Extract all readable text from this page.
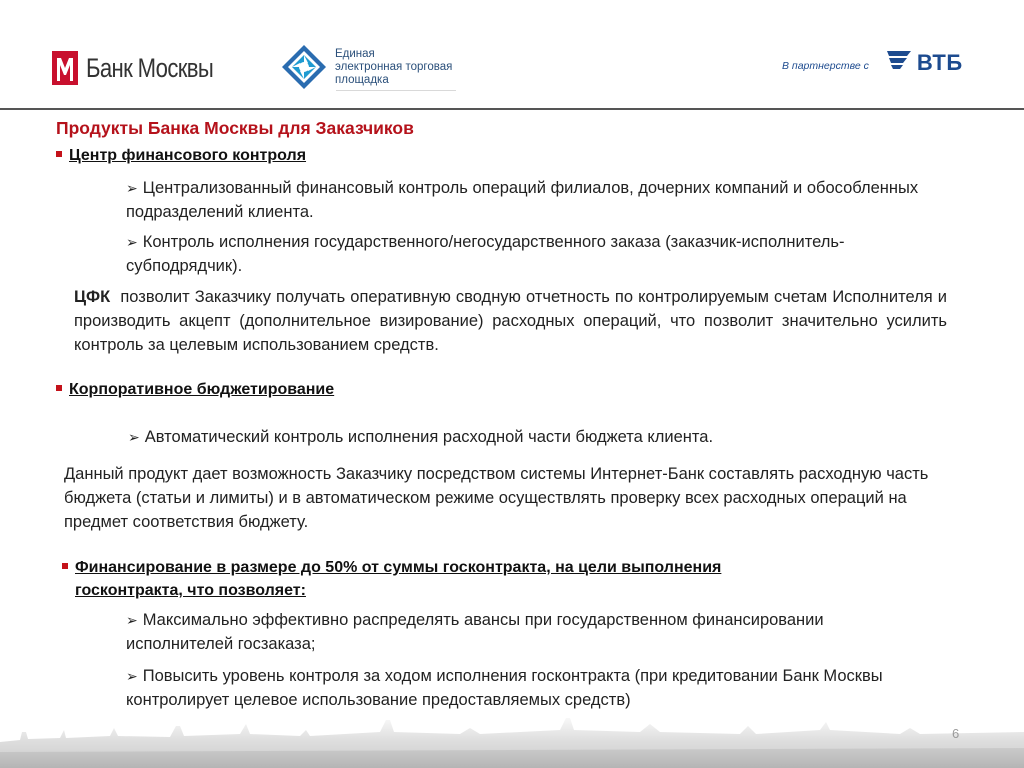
Банк Москвы	Единая
электронная торговая
площадка
В партнерстве с ВТБ
Продукты Банка Москвы для Заказчиков
Центр финансового контроля
➢ Централизованный финансовый контроль операций филиалов, дочерних компаний и обособленных подразделений клиента.
➢ Контроль исполнения государственного/негосударственного заказа (заказчик-исполнитель-субподрядчик).
ЦФК позволит Заказчику получать оперативную сводную отчетность по контролируемым счетам Исполнителя и производить акцепт (дополнительное визирование) расходных операций, что позволит значительно усилить контроль за целевым использованием средств.
Корпоративное бюджетирование
➢ Автоматический контроль исполнения расходной части бюджета клиента.
Данный продукт дает возможность Заказчику посредством системы Интернет-Банк составлять расходную часть бюджета (статьи и лимиты) и в автоматическом режиме осуществлять проверку всех расходных операций на предмет соответствия бюджету.
Финансирование в размере до 50% от суммы госконтракта, на цели выполнения
госконтракта, что позволяет:
➢ Максимально эффективно распределять авансы при государственном финансировании исполнителей госзаказа;
➢ Повысить уровень контроля за ходом исполнения госконтракта (при кредитовании Банк Москвы контролирует целевое использование предоставляемых средств)
6
